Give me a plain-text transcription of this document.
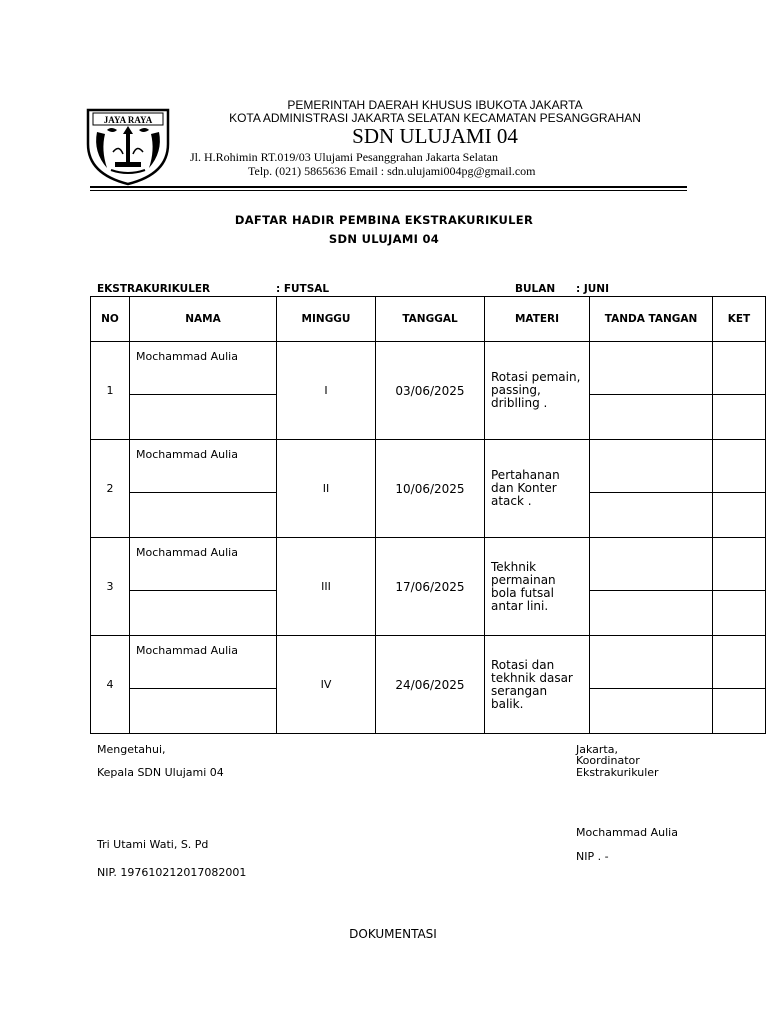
JAYA RAYA
PEMERINTAH DAERAH KHUSUS IBUKOTA JAKARTA
KOTA ADMINISTRASI JAKARTA SELATAN KECAMATAN PESANGGRAHAN
SDN ULUJAMI 04
Jl. H.Rohimin RT.019/03 Ulujami Pesanggrahan Jakarta Selatan
Telp. (021) 5865636 Email : sdn.ulujami004pg@gmail.com
DAFTAR HADIR PEMBINA EKSTRAKURIKULER
SDN ULUJAMI 04
EKSTRAKURIKULER	: FUTSAL	BULAN : JUNI
NO	NAMA	MINGGU	TANGGAL	MATERI	TANDA TANGAN	KET
1	Mochammad Aulia	I	03/06/2025	Rotasi pemain, passing, driblling .		

2	Mochammad Aulia	II	10/06/2025	Pertahanan dan Konter atack .		

3	Mochammad Aulia	III	17/06/2025	Tekhnik permainan bola futsal antar lini.		

4	Mochammad Aulia	IV	24/06/2025	Rotasi dan tekhnik dasar serangan balik.		

Mengetahui,
Kepala SDN Ulujami 04
Tri Utami Wati, S. Pd
NIP. 197610212017082001
Jakarta,
Koordinator
Ekstrakurikuler
Mochammad Aulia
NIP . -
DOKUMENTASI
